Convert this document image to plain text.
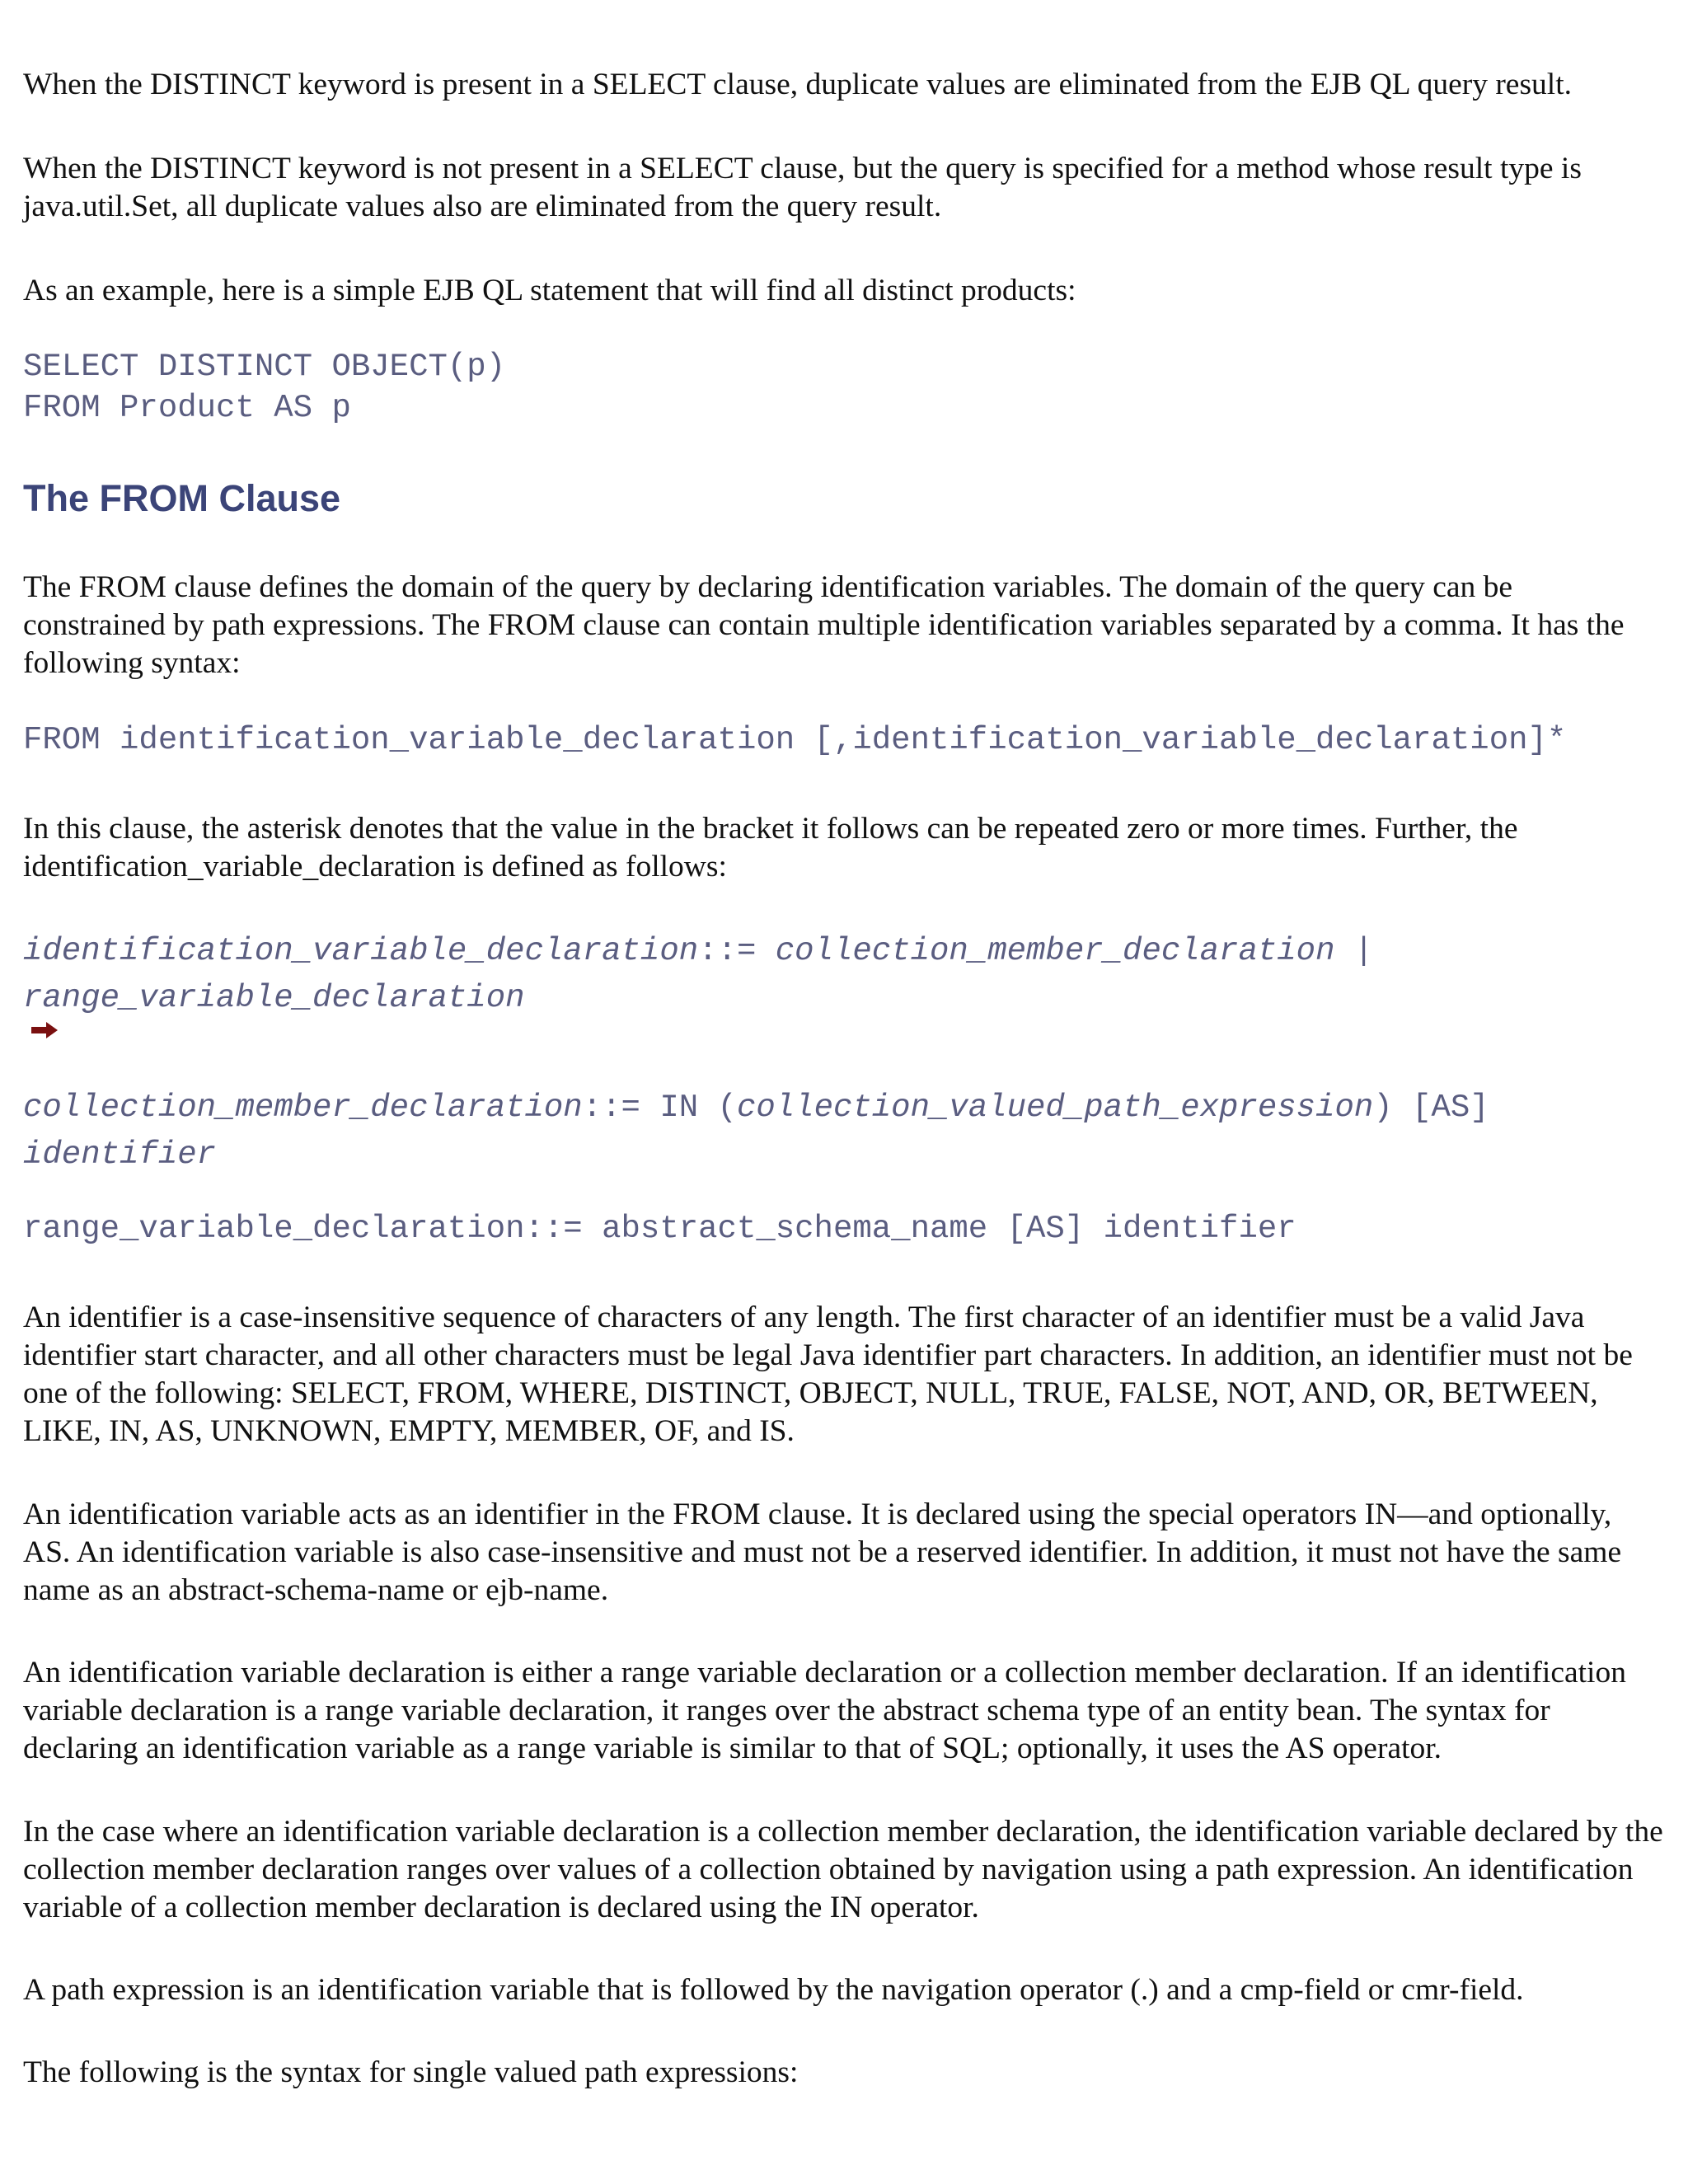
When the DISTINCT keyword is present in a SELECT clause, duplicate values are eliminated from the EJB QL query result.

When the DISTINCT keyword is not present in a SELECT clause, but the query is specified for a method whose result type is java.util.Set, all duplicate values also are eliminated from the query result.

As an example, here is a simple EJB QL statement that will find all distinct products:

SELECT DISTINCT OBJECT(p)
FROM Product AS p
The FROM Clause

The FROM clause defines the domain of the query by declaring identification variables. The domain of the query can be constrained by path expressions. The FROM clause can contain multiple identification variables separated by a comma. It has the following syntax:

FROM identification_variable_declaration [,identification_variable_declaration]*

In this clause, the asterisk denotes that the value in the bracket it follows can be repeated zero or more times. Further, the identification_variable_declaration is defined as follows:

identification_variable_declaration::= collection_member_declaration |
range_variable_declaration
collection_member_declaration::= IN (collection_valued_path_expression) [AS]
identifier
range_variable_declaration::= abstract_schema_name [AS] identifier

An identifier is a case-insensitive sequence of characters of any length. The first character of an identifier must be a valid Java identifier start character, and all other characters must be legal Java identifier part characters. In addition, an identifier must not be one of the following: SELECT, FROM, WHERE, DISTINCT, OBJECT, NULL, TRUE, FALSE, NOT, AND, OR, BETWEEN, LIKE, IN, AS, UNKNOWN, EMPTY, MEMBER, OF, and IS.

An identification variable acts as an identifier in the FROM clause. It is declared using the special operators IN—and optionally, AS. An identification variable is also case-insensitive and must not be a reserved identifier. In addition, it must not have the same name as an abstract-schema-name or ejb-name.

An identification variable declaration is either a range variable declaration or a collection member declaration. If an identification variable declaration is a range variable declaration, it ranges over the abstract schema type of an entity bean. The syntax for declaring an identification variable as a range variable is similar to that of SQL; optionally, it uses the AS operator.

In the case where an identification variable declaration is a collection member declaration, the identification variable declared by the collection member declaration ranges over values of a collection obtained by navigation using a path expression. An identification variable of a collection member declaration is declared using the IN operator.

A path expression is an identification variable that is followed by the navigation operator (.) and a cmp-field or cmr-field.

The following is the syntax for single valued path expressions:
